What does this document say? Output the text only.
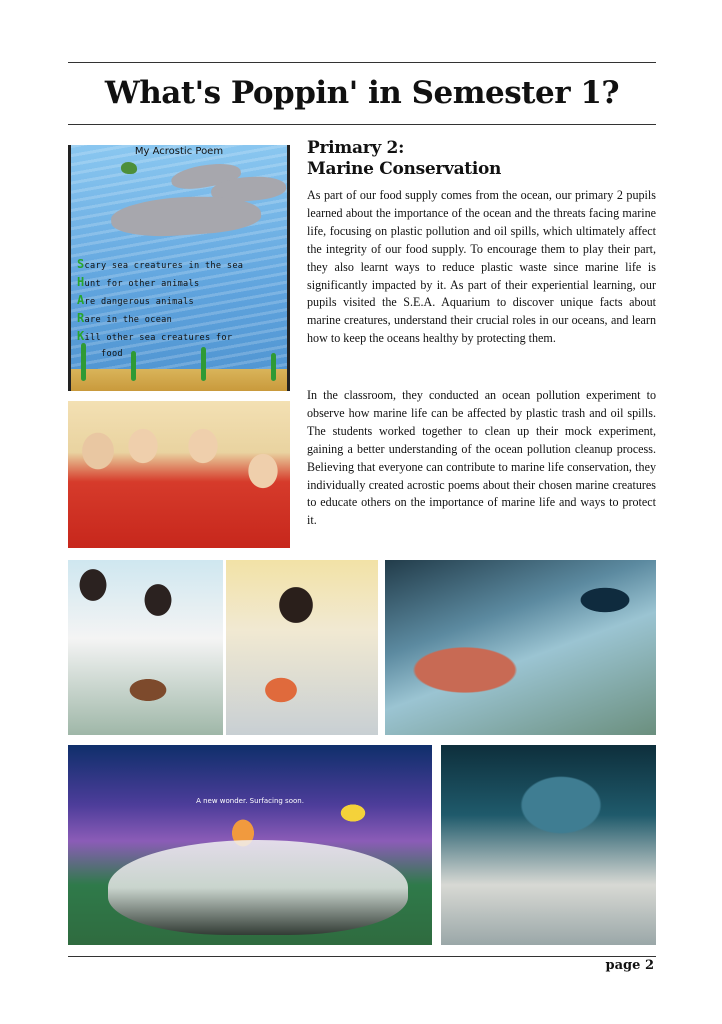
What's Poppin' in Semester 1?
My Acrostic Poem
Scary sea creatures in the sea
Hunt for other animals
Are dangerous animals
Rare in the ocean
Kill other sea creatures for
food
Primary 2:
Marine Conservation

As part of our food supply comes from the ocean, our primary 2 pupils learned about the importance of the ocean and the threats facing marine life, focusing on plastic pollution and oil spills, which ultimately affect the integrity of our food supply. To encourage them to play their part, they also learnt ways to reduce plastic waste since marine life is significantly impacted by it. As part of their experiential learning, our pupils visited the S.E.A. Aquarium to discover unique facts about marine creatures, understand their crucial roles in our oceans, and learn how to keep the oceans healthy by protecting them.

In the classroom, they conducted an ocean pollution experiment to observe how marine life can be affected by plastic trash and oil spills. The students worked together to clean up their mock experiment, gaining a better understanding of the ocean pollution cleanup process. Believing that everyone can contribute to marine life conservation, they individually created acrostic poems about their chosen marine creatures to educate others on the importance of marine life and ways to protect it.

A new wonder. Surfacing soon.
page 2
